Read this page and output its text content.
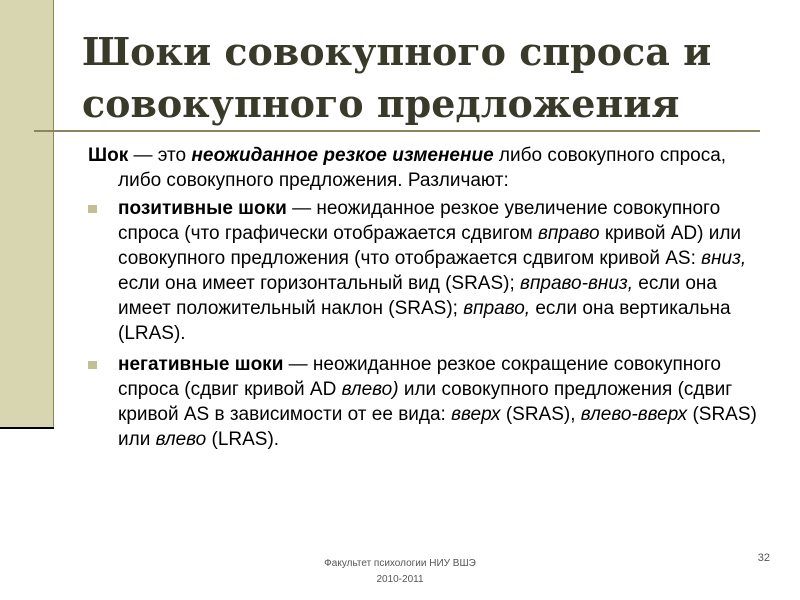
Шоки совокупного спроса и совокупного предложения

Шок — это неожиданное резкое изменение либо совокупного спроса, либо совокупного предложения. Различают:

позитивные шоки — неожиданное резкое увеличение совокупного спроса (что графически отображается сдвигом вправо кривой AD) или совокупного предложения (что отображается сдвигом кривой AS: вниз, если она имеет горизонтальный вид (SRAS); вправо-вниз, если она имеет положительный наклон (SRAS); вправо, если она вертикальна (LRAS).
негативные шоки — неожиданное резкое сокращение совокупного спроса (сдвиг кривой AD влево) или совокупного предложения (сдвиг кривой AS в зависимости от ее вида: вверх (SRAS), влево-вверх (SRAS) или влево (LRAS).
Факультет психологии НИУ ВШЭ
2010-2011
32
